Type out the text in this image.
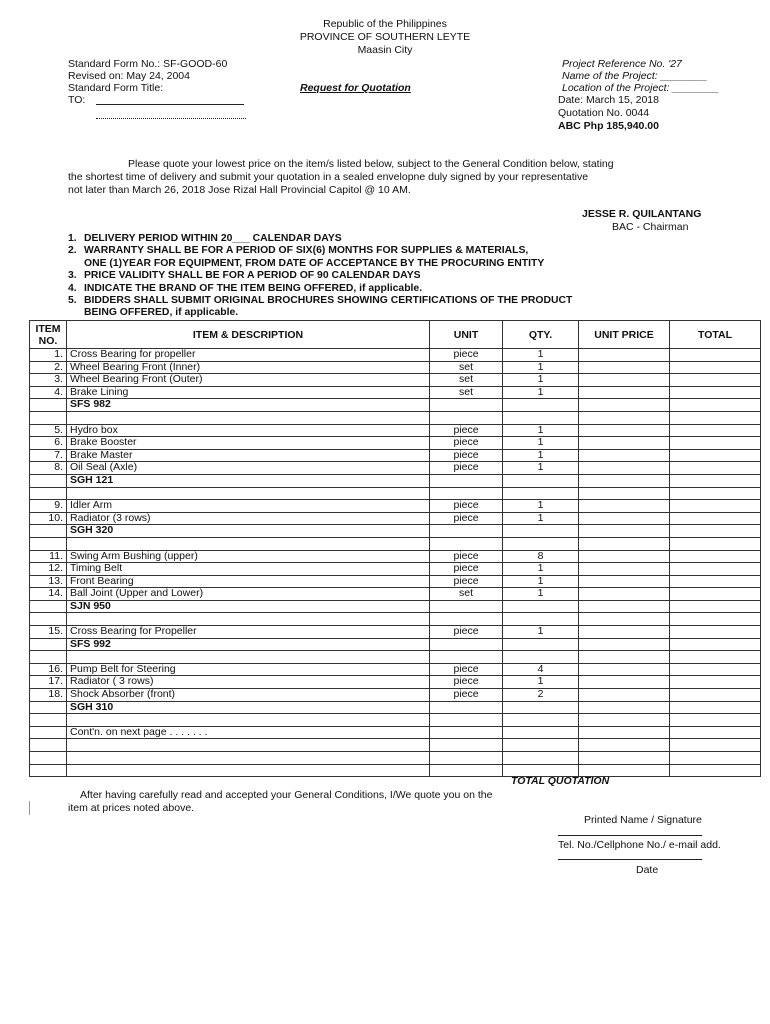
Republic of the Philippines
PROVINCE OF SOUTHERN LEYTE
Maasin City
Standard Form No.: SF-GOOD-60
Revised on: May 24, 2004
Standard Form Title:
TO:
Request for Quotation
Project Reference No. '27
Name of the Project: ________
Location of the Project: ________
Date: March 15, 2018
Quotation No. 0044
ABC Php 185,940.00
Please quote your lowest price on the item/s listed below, subject to the General Condition below, stating
the shortest time of delivery and submit your quotation in a sealed envelopne duly signed by your representative
not later than March 26, 2018 Jose Rizal Hall Provincial Capitol @ 10 AM.
JESSE R. QUILANTANG
BAC - Chairman
1. DELIVERY PERIOD WITHIN 20___ CALENDAR DAYS
2. WARRANTY SHALL BE FOR A PERIOD OF SIX(6) MONTHS FOR SUPPLIES & MATERIALS,
ONE (1)YEAR FOR EQUIPMENT, FROM DATE OF ACCEPTANCE BY THE PROCURING ENTITY
3. PRICE VALIDITY SHALL BE FOR A PERIOD OF 90 CALENDAR DAYS
4. INDICATE THE BRAND OF THE ITEM BEING OFFERED, if applicable.
5. BIDDERS SHALL SUBMIT ORIGINAL BROCHURES SHOWING CERTIFICATIONS OF THE PRODUCT
BEING OFFERED, if applicable.
ITEM NO.	ITEM & DESCRIPTION	UNIT	QTY.	UNIT PRICE	TOTAL
1.	Cross Bearing for propeller	piece	1		
2.	Wheel Bearing Front (Inner)	set	1		
3.	Wheel Bearing Front (Outer)	set	1		
4.	Brake Lining	set	1		
	SFS 982				

5.	Hydro box	piece	1		
6.	Brake Booster	piece	1		
7.	Brake Master	piece	1		
8.	Oil Seal (Axle)	piece	1		
	SGH 121				

9.	Idler Arm	piece	1		
10.	Radiator (3 rows)	piece	1		
	SGH 320				

11.	Swing Arm Bushing (upper)	piece	8		
12.	Timing Belt	piece	1		
13.	Front Bearing	piece	1		
14.	Ball Joint (Upper and Lower)	set	1		
	SJN 950				

15.	Cross Bearing for Propeller	piece	1		
	SFS 992				

16.	Pump Belt for Steering	piece	4		
17.	Radiator ( 3 rows)	piece	1		
18.	Shock Absorber (front)	piece	2		
	SGH 310				

	Cont'n. on next page . . . . . . .				

TOTAL QUOTATION
After having carefully read and accepted your General Conditions, I/We quote you on the
item at prices noted above.
Printed Name / Signature
Tel. No./Cellphone No./ e-mail add.
Date
